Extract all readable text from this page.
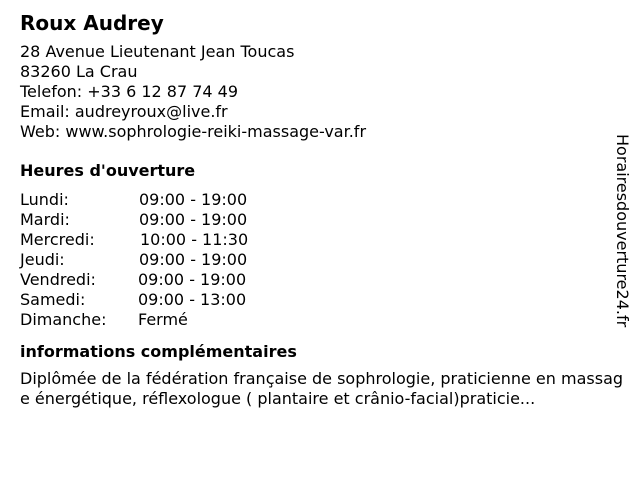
Roux Audrey
28 Avenue Lieutenant Jean Toucas
83260 La Crau
Telefon: +33 6 12 87 74 49
Email: audreyroux@live.fr
Web: www.sophrologie-reiki-massage-var.fr
Heures d'ouverture
Lundi:	09:00 - 19:00
Mardi:	09:00 - 19:00
Mercredi:	10:00 - 11:30
Jeudi:	09:00 - 19:00
Vendredi:	09:00 - 19:00
Samedi:	09:00 - 13:00
Dimanche: Fermé
informations complémentaires
Diplômée de la fédération française de sophrologie, praticienne en massage énergétique, réflexologue ( plantaire et crânio-facial)praticie...
Horairesdouverture24.fr
